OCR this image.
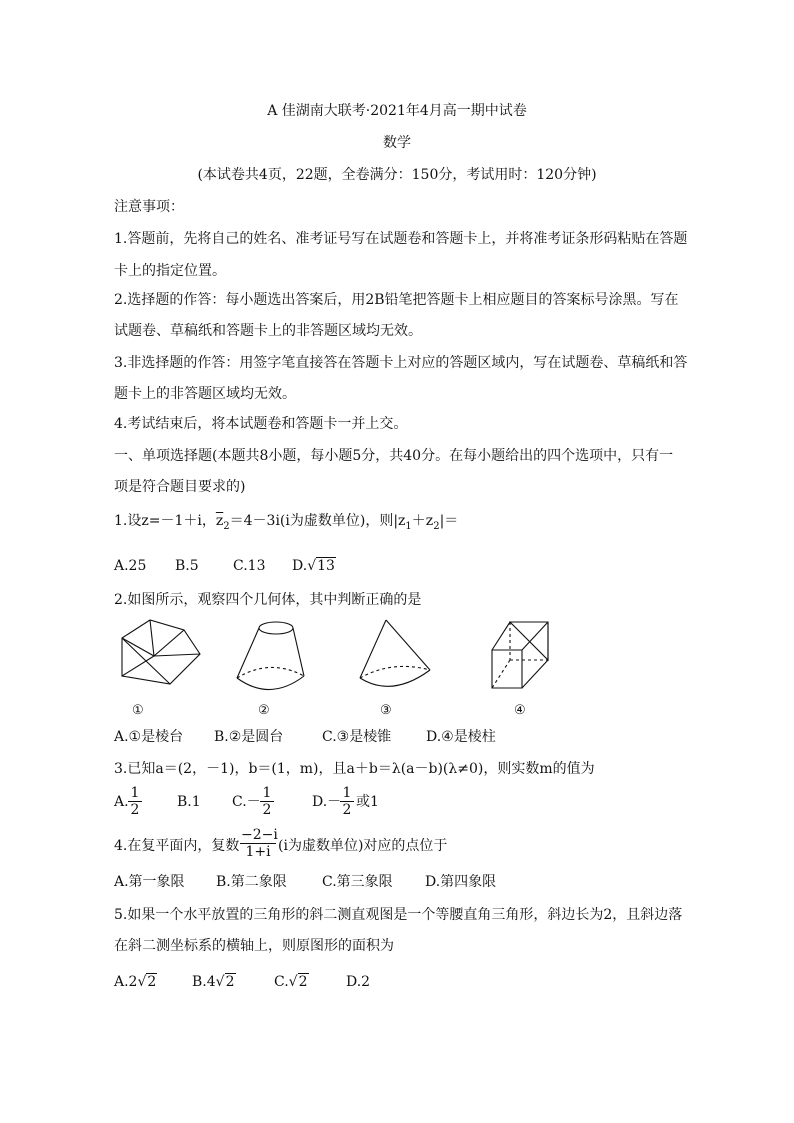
A 佳湖南大联考·2021年4月高一期中试卷
数学
(本试卷共4页，22题，全卷满分：150分，考试用时：120分钟)
注意事项：
1.答题前，先将自己的姓名、准考证号写在试题卷和答题卡上，并将准考证条形码粘贴在答题
卡上的指定位置。
2.选择题的作答：每小题选出答案后，用2B铅笔把答题卡上相应题目的答案标号涂黑。写在
试题卷、草稿纸和答题卡上的非答题区域均无效。
3.非选择题的作答：用签字笔直接答在答题卡上对应的答题区域内，写在试题卷、草稿纸和答
题卡上的非答题区域均无效。
4.考试结束后，将本试题卷和答题卡一并上交。
一、单项选择题(本题共8小题，每小题5分，共40分。在每小题给出的四个选项中，只有一
项是符合题目要求的)
1.设z=－1＋i，$\overline{z}_2=4-3i(i$为虚数单位)，则$|z_1+z_2|=$
A.25 B.5 C.13 D.√13
2.如图所示，观察四个几何体，其中判断正确的是
①	②	③	④
A.①是棱台 B.②是圆台	C.③是棱锥 D.④是棱柱
3.已知a＝(2，－1)，b＝(1，m)，且a＋b＝λ(a－b)(λ≠0)，则实数m的值为
A. $\frac{1}{2}$	B.1 $C.- \frac{1}{2}$	D.－
$\frac{1}{2}$ 或1
4.在复平面内，复数 $\frac{-2-i}{1+i} (i$为虚数单位)对应的点位于
A.第一象限 B.第二象限	C.第三象限 D.第四象限
5.如果一个水平放置的三角形的斜二测直观图是一个等腰直角三角形，斜边长为2，且斜边落
在斜二测坐标系的横轴上，则原图形的面积为
A.2√2	B.4√2	C.√2	D.2
